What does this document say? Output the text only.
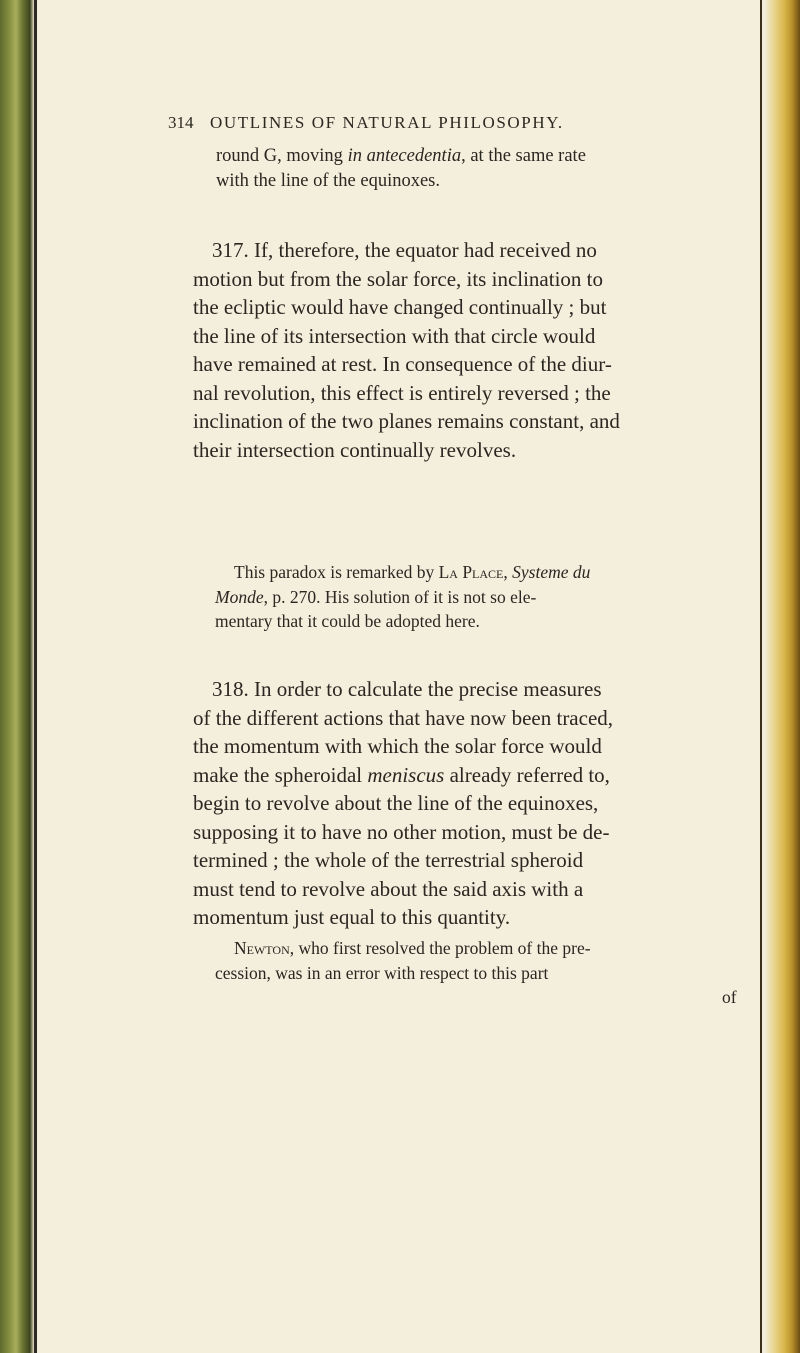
314 OUTLINES OF NATURAL PHILOSOPHY.
round G, moving in antecedentia, at the same rate
with the line of the equinoxes.
317. If, therefore, the equator had received no
motion but from the solar force, its inclination to
the ecliptic would have changed continually ; but
the line of its intersection with that circle would
have remained at rest. In consequence of the diur-
nal revolution, this effect is entirely reversed ; the
inclination of the two planes remains constant, and
their intersection continually revolves.
This paradox is remarked by La Place, Systeme du
Monde, p. 270. His solution of it is not so ele-
mentary that it could be adopted here.
318. In order to calculate the precise measures
of the different actions that have now been traced,
the momentum with which the solar force would
make the spheroidal meniscus already referred to,
begin to revolve about the line of the equinoxes,
supposing it to have no other motion, must be de-
termined ; the whole of the terrestrial spheroid
must tend to revolve about the said axis with a
momentum just equal to this quantity.
Newton, who first resolved the problem of the pre-
cession, was in an error with respect to this part
of
